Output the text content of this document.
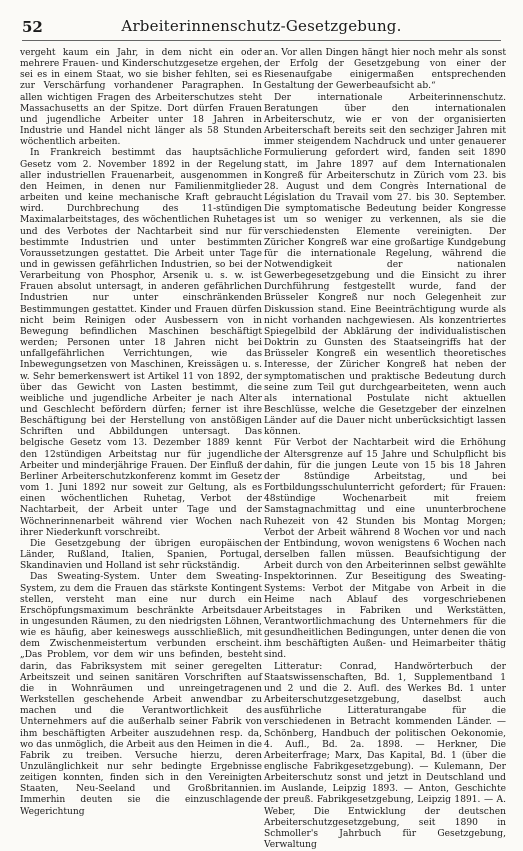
52	Arbeiterinnenschutz-Gesetzgebung.

vergeht kaum ein Jahr, in dem nicht ein oder mehrere Frauen- und Kinderschutzgesetze ergehen, sei es in einem Staat, wo sie bisher fehlten, sei es zur Verschärfung vorhandener Paragraphen. In allen wichtigen Fragen des Arbeiterschutzes steht Massachusetts an der Spitze. Dort dürfen Frauen und jugendliche Arbeiter unter 18 Jahren in Industrie und Handel nicht länger als 58 Stunden wöchentlich arbeiten.

In Frankreich bestimmt das hauptsächliche Gesetz vom 2. November 1892 in der Regelung aller industriellen Frauenarbeit, ausgenommen in den Heimen, in denen nur Familienmitglieder arbeiten und keine mechanische Kraft gebraucht wird. Durchbrechung des 11-stündigen Maximalarbeitstages, des wöchentlichen Ruhetages und des Verbotes der Nachtarbeit sind nur für bestimmte Industrien und unter bestimmten Voraussetzungen gestattet. Die Arbeit unter Tage und in gewissen gefährlichen Industrien, so bei der Verarbeitung von Phosphor, Arsenik u. s. w. ist Frauen absolut untersagt, in anderen gefährlichen Industrien nur unter einschränkenden Bestimmungen gestattet. Kinder und Frauen dürfen nicht beim Reinigen oder Ausbessern von in Bewegung befindlichen Maschinen beschäftigt werden; Personen unter 18 Jahren nicht bei unfallgefährlichen Verrichtungen, wie das Inbewegungsetzen von Maschinen, Kreissägen u. s. w. Sehr bemerkenswert ist Artikel 11 von 1892, der über das Gewicht von Lasten bestimmt, die weibliche und jugendliche Arbeiter je nach Alter und Geschlecht befördern dürfen; ferner ist ihre Beschäftigung bei der Herstellung von anstößigen Schriften und Abbildungen untersagt. Das belgische Gesetz vom 13. Dezember 1889 kennt den 12stündigen Arbeitstag nur für jugendliche Arbeiter und minderjährige Frauen. Der Einfluß der Berliner Arbeiterschutzkonferenz kommt im Gesetz vom 1. Juni 1892 nur soweit zur Geltung, als es einen wöchentlichen Ruhetag, Verbot der Nachtarbeit, der Arbeit unter Tage und der Wöchnerinnenarbeit während vier Wochen nach ihrer Niederkunft vorschreibt.

Die Gesetzgebung der übrigen europäischen Länder, Rußland, Italien, Spanien, Portugal, Skandinavien und Holland ist sehr rückständig.

Das Sweating-System. Unter dem Sweating-System, zu dem die Frauen das stärkste Kontingent stellen, versteht man eine nur durch ein Erschöpfungsmaximum beschränkte Arbeitsdauer in ungesunden Räumen, zu den niedrigsten Löhnen, wie es häufig, aber keineswegs ausschließlich, mit dem Zwischenmeistertum verbunden erscheint. „Das Problem, vor dem wir uns befinden, besteht darin, das Fabriksystem mit seiner geregelten Arbeitszeit und seinen sanitären Vorschriften auf die in Wohnräumen und unreingetragenen Werkstellen geschehende Arbeit anwendbar zu machen und die Verantwortlichkeit des Unternehmers auf die außerhalb seiner Fabrik von ihm beschäftigten Arbeiter auszudehnen resp. da, wo das unmöglich, die Arbeit aus den Heimen in die Fabrik zu treiben. Versuche hierzu, deren Unzulänglichkeit nur sehr bedingte Ergebnisse zeitigen konnten, finden sich in den Vereinigten Staaten, Neu-Seeland und Großbritannien. Immerhin deuten sie die einzuschlagende Wegerichtung

an. Vor allen Dingen hängt hier noch mehr als sonst der Erfolg der Gesetzgebung von einer der Riesenaufgabe einigermaßen entsprechenden Gestaltung der Gewerbeaufsicht ab.“

Der internationale Arbeiterinnenschutz. Beratungen über den internationalen Arbeiterschutz, wie er von der organisierten Arbeiterschaft bereits seit den sechziger Jahren mit immer steigendem Nachdruck und unter genauerer Formulierung gefordert wird, fanden seit 1890 statt, im Jahre 1897 auf dem Internationalen Kongreß für Arbeiterschutz in Zürich vom 23. bis 28. August und dem Congrès International de Législation du Travail vom 27. bis 30. September. Die symptomatische Bedeutung beider Kongresse ist um so weniger zu verkennen, als sie die verschiedensten Elemente vereinigten. Der Züricher Kongreß war eine großartige Kundgebung für die internationale Regelung, während die Notwendigkeit der nationalen Gewerbegesetzgebung und die Einsicht zu ihrer Durchführung festgestellt wurde, fand der Brüsseler Kongreß nur noch Gelegenheit zur Diskussion stand. Eine Beeinträchtigung wurde als nicht vorhanden nachgewiesen. Als konzentriertes Spiegelbild der Abklärung der individualistischen Doktrin zu Gunsten des Staatseingriffs hat der Brüsseler Kongreß ein wesentlich theoretisches Interesse, der Züricher Kongreß hat neben der symptomatischen und praktische Bedeutung durch seine zum Teil gut durchgearbeiteten, wenn auch als international Postulate nicht aktuellen Beschlüsse, welche die Gesetzgeber der einzelnen Länder auf die Dauer nicht unberücksichtigt lassen können.

Für Verbot der Nachtarbeit wird die Erhöhung der Altersgrenze auf 15 Jahre und Schulpflicht bis dahin, für die jungen Leute von 15 bis 18 Jahren der 8stündige Arbeitstag, und bei Fortbildungsschulunterricht gefordert; für Frauen: 48stündige Wochenarbeit mit freiem Samstagnachmittag und eine ununterbrochene Ruhezeit von 42 Stunden bis Montag Morgen; Verbot der Arbeit während 8 Wochen vor und nach der Entbindung, wovon wenigstens 6 Wochen nach derselben fallen müssen. Beaufsichtigung der Arbeit durch von den Arbeiterinnen selbst gewählte Inspektorinnen. Zur Beseitigung des Sweating-Systems: Verbot der Mitgabe von Arbeit in die Heime nach Ablauf des vorgeschriebenen Arbeitstages in Fabriken und Werkstätten, Verantwortlichmachung des Unternehmers für die gesundheitlichen Bedingungen, unter denen die von ihm beschäftigten Außen- und Heimarbeiter thätig sind.

Litteratur: Conrad, Handwörterbuch der Staatswissenschaften, Bd. 1, Supplementband 1 und 2 und die 2. Aufl. des Werkes Bd. 1 unter Arbeiterschutzgesetzgebung, daselbst auch ausführliche Litteraturangabe für die verschiedenen in Betracht kommenden Länder. — Schönberg, Handbuch der politischen Oekonomie, 4. Aufl., Bd. 2a. 1898. — Herkner, Die Arbeiterfrage; Marx, Das Kapital, Bd. 1 (über die englische Fabrikgesetzgebung). — Kulemann, Der Arbeiterschutz sonst und jetzt in Deutschland und im Auslande, Leipzig 1893. — Anton, Geschichte der preuß. Fabrikgesetzgebung, Leipzig 1891. — A. Weber, Die Entwicklung der deutschen Arbeiterschutzgesetzgebung, seit 1890 in Schmoller's Jahrbuch für Gesetzgebung, Verwaltung
